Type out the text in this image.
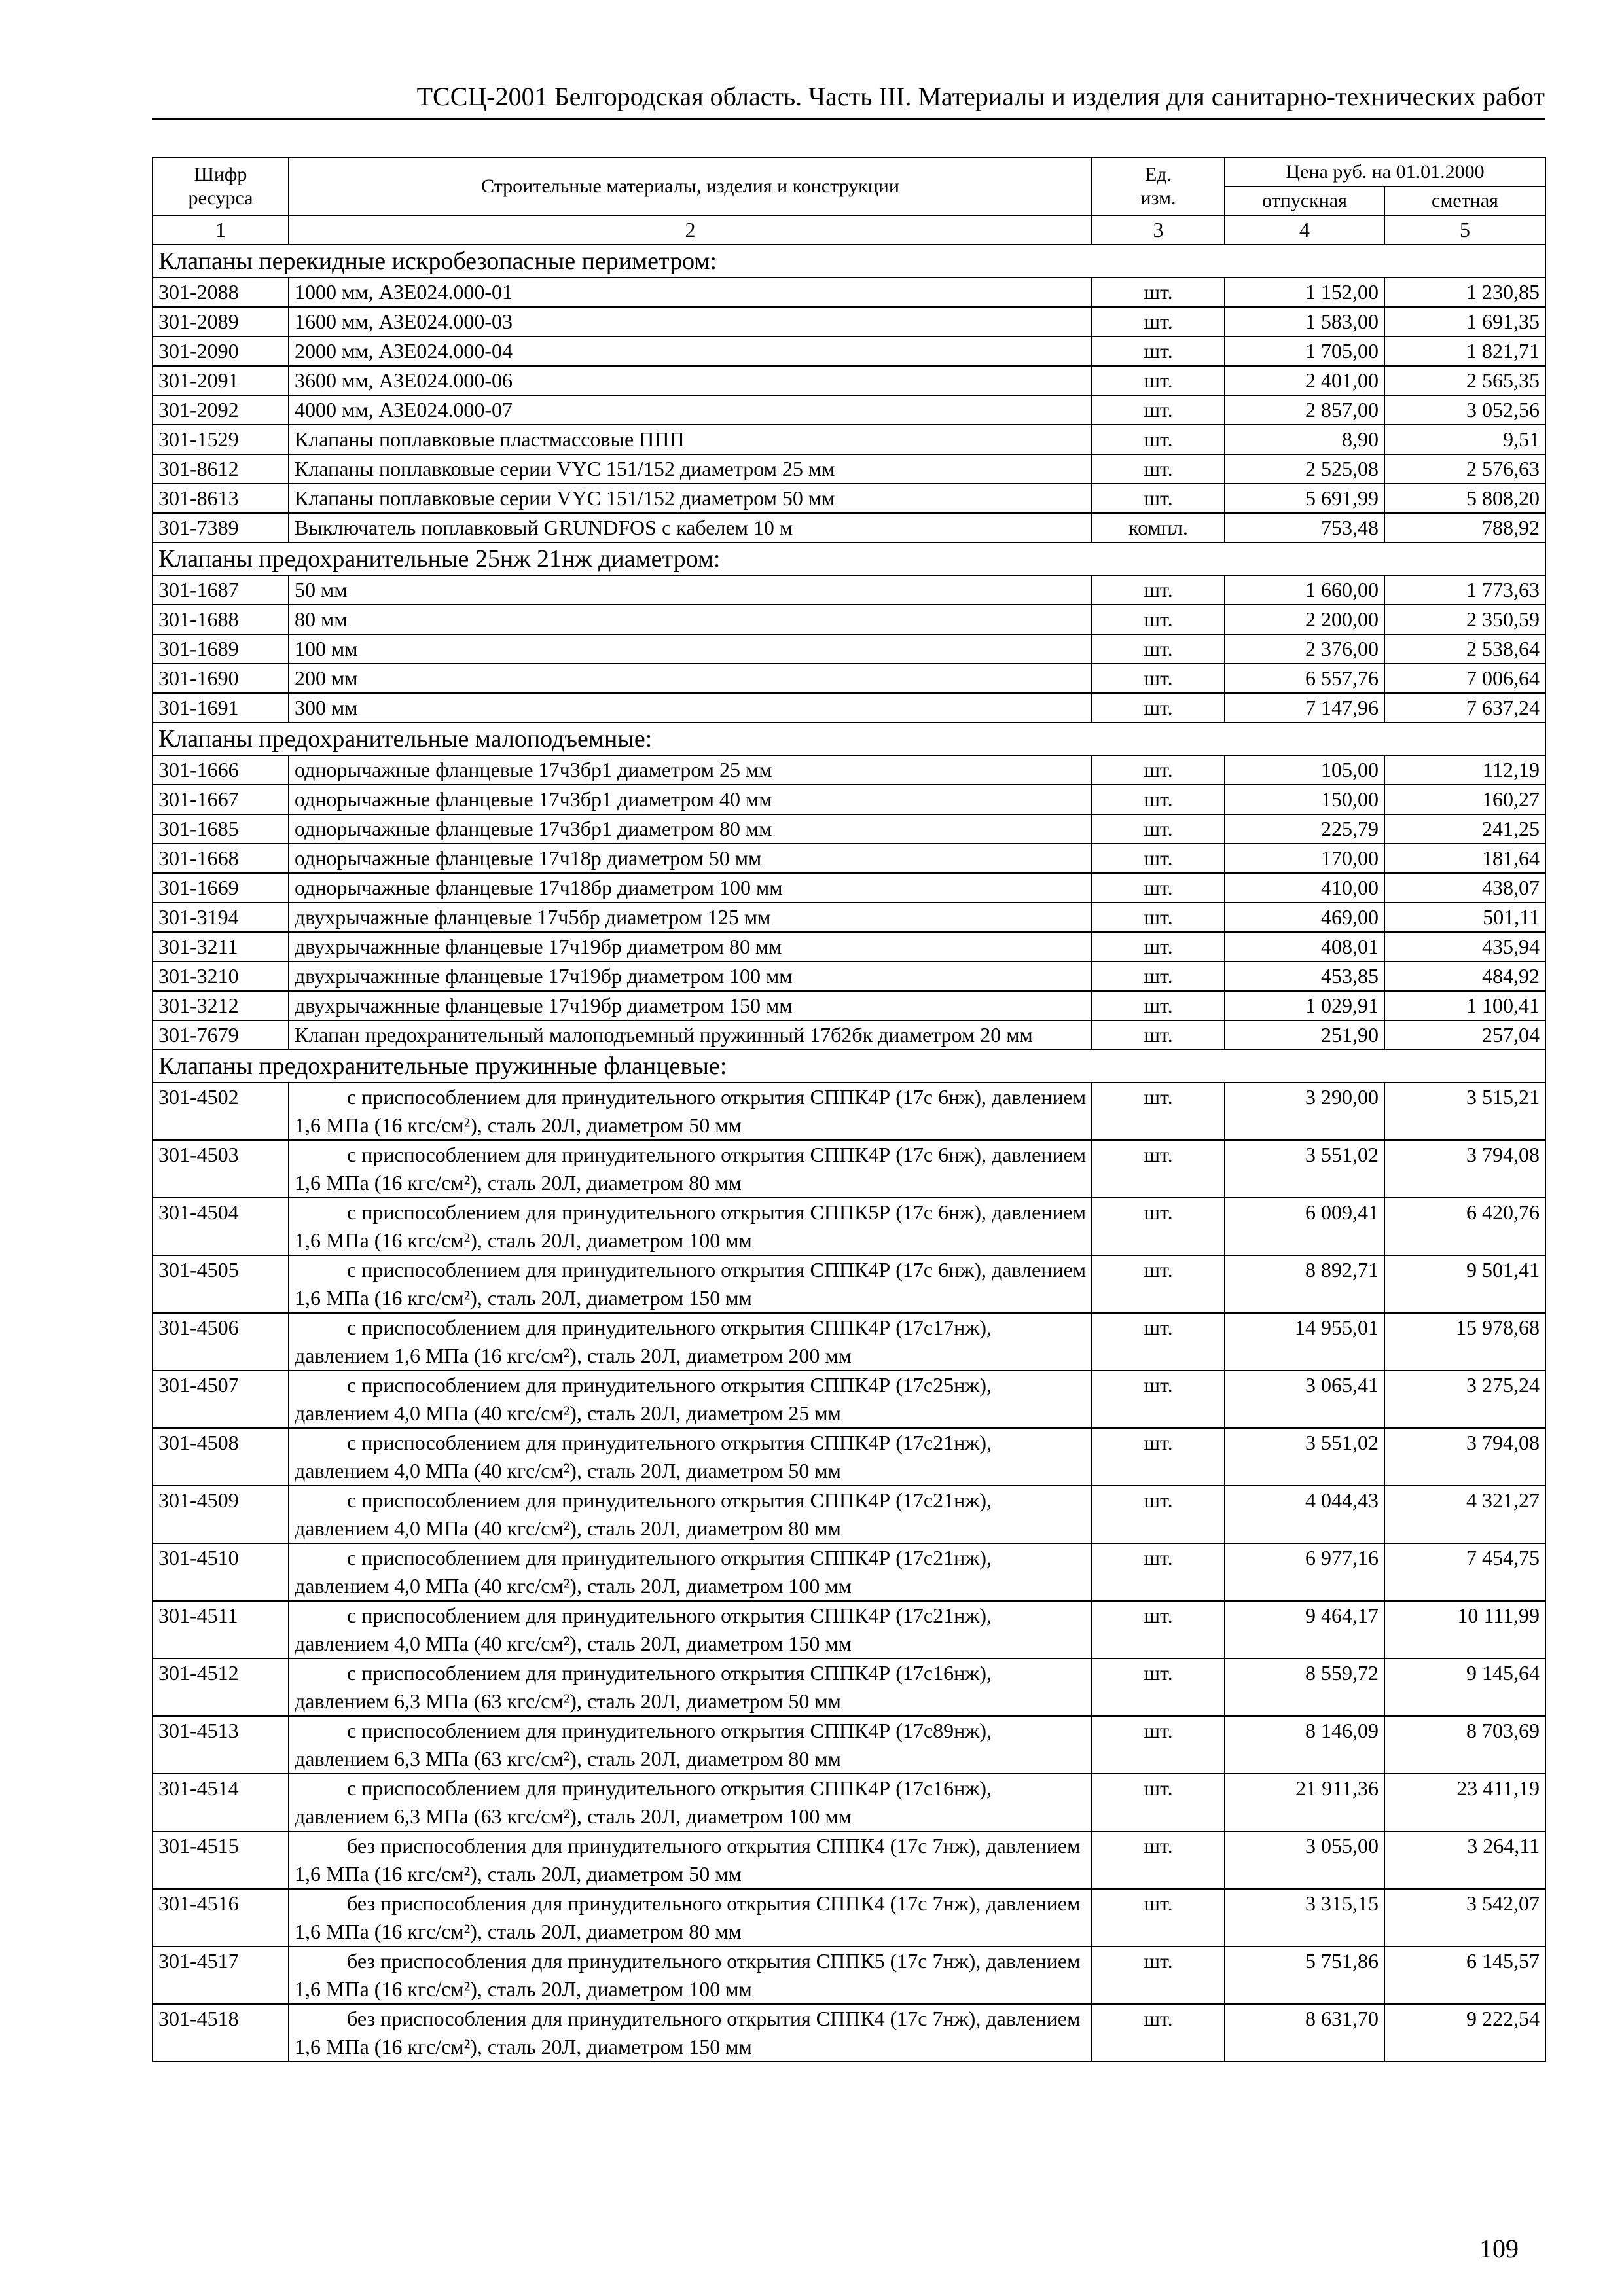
ТССЦ-2001 Белгородская область. Часть III. Материалы и изделия для санитарно-технических работ
Шифр ресурса	Строительные материалы, изделия и конструкции	Ед. изм.	Цена руб. на 01.01.2000	
			отпускная	сметная
1	2	3	4	5
Клапаны перекидные искробезопасные периметром:				
301-2088	1000 мм, АЗЕ024.000-01	шт.	1 152,00	1 230,85
301-2089	1600 мм, АЗЕ024.000-03	шт.	1 583,00	1 691,35
301-2090	2000 мм, АЗЕ024.000-04	шт.	1 705,00	1 821,71
301-2091	3600 мм, АЗЕ024.000-06	шт.	2 401,00	2 565,35
301-2092	4000 мм, АЗЕ024.000-07	шт.	2 857,00	3 052,56
301-1529	Клапаны поплавковые пластмассовые ППП	шт.	8,90	9,51
301-8612	Клапаны поплавковые серии VYC 151/152 диаметром 25 мм	шт.	2 525,08	2 576,63
301-8613	Клапаны поплавковые серии VYC 151/152 диаметром 50 мм	шт.	5 691,99	5 808,20
301-7389	Выключатель поплавковый GRUNDFOS с кабелем 10 м	компл.	753,48	788,92
Клапаны предохранительные 25нж 21нж диаметром:				
301-1687	50 мм	шт.	1 660,00	1 773,63
301-1688	80 мм	шт.	2 200,00	2 350,59
301-1689	100 мм	шт.	2 376,00	2 538,64
301-1690	200 мм	шт.	6 557,76	7 006,64
301-1691	300 мм	шт.	7 147,96	7 637,24
Клапаны предохранительные малоподъемные:				
301-1666	однорычажные фланцевые 17ч3бр1 диаметром 25 мм	шт.	105,00	112,19
301-1667	однорычажные фланцевые 17ч3бр1 диаметром 40 мм	шт.	150,00	160,27
301-1685	однорычажные фланцевые 17ч3бр1 диаметром 80 мм	шт.	225,79	241,25
301-1668	однорычажные фланцевые 17ч18р диаметром 50 мм	шт.	170,00	181,64
301-1669	однорычажные фланцевые 17ч18бр диаметром 100 мм	шт.	410,00	438,07
301-3194	двухрычажные фланцевые 17ч5бр диаметром 125 мм	шт.	469,00	501,11
301-3211	двухрычажнные фланцевые 17ч19бр диаметром 80 мм	шт.	408,01	435,94
301-3210	двухрычажнные фланцевые 17ч19бр диаметром 100 мм	шт.	453,85	484,92
301-3212	двухрычажнные фланцевые 17ч19бр диаметром 150 мм	шт.	1 029,91	1 100,41
301-7679	Клапан предохранительный малоподъемный пружинный 17б2бк диаметром 20 мм	шт.	251,90	257,04
Клапаны предохранительные пружинные фланцевые:				
301-4502	с приспособлением для принудительного открытия СППК4Р (17с 6нж), давлением 1,6 МПа (16 кгс/см²), сталь 20Л, диаметром 50 мм	шт.	3 290,00	3 515,21
301-4503	с приспособлением для принудительного открытия СППК4Р (17с 6нж), давлением 1,6 МПа (16 кгс/см²), сталь 20Л, диаметром 80 мм	шт.	3 551,02	3 794,08
301-4504	с приспособлением для принудительного открытия СППК5Р (17с 6нж), давлением 1,6 МПа (16 кгс/см²), сталь 20Л, диаметром 100 мм	шт.	6 009,41	6 420,76
301-4505	с приспособлением для принудительного открытия СППК4Р (17с 6нж), давлением 1,6 МПа (16 кгс/см²), сталь 20Л, диаметром 150 мм	шт.	8 892,71	9 501,41
301-4506	с приспособлением для принудительного открытия СППК4Р (17с17нж), давлением 1,6 МПа (16 кгс/см²), сталь 20Л, диаметром 200 мм	шт.	14 955,01	15 978,68
301-4507	с приспособлением для принудительного открытия СППК4Р (17с25нж), давлением 4,0 МПа (40 кгс/см²), сталь 20Л, диаметром 25 мм	шт.	3 065,41	3 275,24
301-4508	с приспособлением для принудительного открытия СППК4Р (17с21нж), давлением 4,0 МПа (40 кгс/см²), сталь 20Л, диаметром 50 мм	шт.	3 551,02	3 794,08
301-4509	с приспособлением для принудительного открытия СППК4Р (17с21нж), давлением 4,0 МПа (40 кгс/см²), сталь 20Л, диаметром 80 мм	шт.	4 044,43	4 321,27
301-4510	с приспособлением для принудительного открытия СППК4Р (17с21нж), давлением 4,0 МПа (40 кгс/см²), сталь 20Л, диаметром 100 мм	шт.	6 977,16	7 454,75
301-4511	с приспособлением для принудительного открытия СППК4Р (17с21нж), давлением 4,0 МПа (40 кгс/см²), сталь 20Л, диаметром 150 мм	шт.	9 464,17	10 111,99
301-4512	с приспособлением для принудительного открытия СППК4Р (17с16нж), давлением 6,3 МПа (63 кгс/см²), сталь 20Л, диаметром 50 мм	шт.	8 559,72	9 145,64
301-4513	с приспособлением для принудительного открытия СППК4Р (17с89нж), давлением 6,3 МПа (63 кгс/см²), сталь 20Л, диаметром 80 мм	шт.	8 146,09	8 703,69
301-4514	с приспособлением для принудительного открытия СППК4Р (17с16нж), давлением 6,3 МПа (63 кгс/см²), сталь 20Л, диаметром 100 мм	шт.	21 911,36	23 411,19
301-4515	без приспособления для принудительного открытия СППК4 (17с 7нж), давлением 1,6 МПа (16 кгс/см²), сталь 20Л, диаметром 50 мм	шт.	3 055,00	3 264,11
301-4516	без приспособления для принудительного открытия СППК4 (17с 7нж), давлением 1,6 МПа (16 кгс/см²), сталь 20Л, диаметром 80 мм	шт.	3 315,15	3 542,07
301-4517	без приспособления для принудительного открытия СППК5 (17с 7нж), давлением 1,6 МПа (16 кгс/см²), сталь 20Л, диаметром 100 мм	шт.	5 751,86	6 145,57
301-4518	без приспособления для принудительного открытия СППК4 (17с 7нж), давлением 1,6 МПа (16 кгс/см²), сталь 20Л, диаметром 150 мм	шт.	8 631,70	9 222,54
109
